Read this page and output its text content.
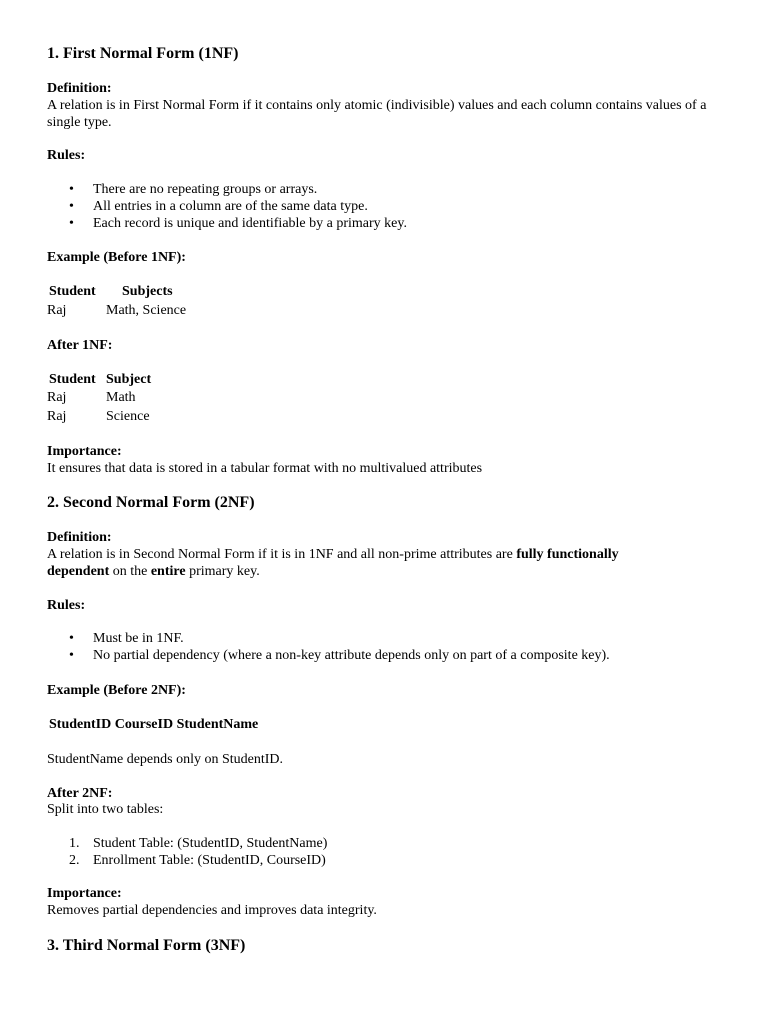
1. First Normal Form (1NF)
Definition:
A relation is in First Normal Form if it contains only atomic (indivisible) values and each column contains values of a single type.
Rules:
• There are no repeating groups or arrays.
• All entries in a column are of the same data type.
• Each record is unique and identifiable by a primary key.
Example (Before 1NF):
Student	Subjects
Raj	Math, Science
After 1NF:
Student	Subject
Raj	Math
Raj	Science
Importance:
It ensures that data is stored in a tabular format with no multivalued attributes
2. Second Normal Form (2NF)
Definition:
A relation is in Second Normal Form if it is in 1NF and all non-prime attributes are fully functionally
dependent on the entire primary key.
Rules:
• Must be in 1NF.
• No partial dependency (where a non-key attribute depends only on part of a composite key).
Example (Before 2NF):
StudentID CourseID StudentName
StudentName depends only on StudentID.
After 2NF:
Split into two tables:
1. Student Table: (StudentID, StudentName)
2. Enrollment Table: (StudentID, CourseID)
Importance:
Removes partial dependencies and improves data integrity.
3. Third Normal Form (3NF)
